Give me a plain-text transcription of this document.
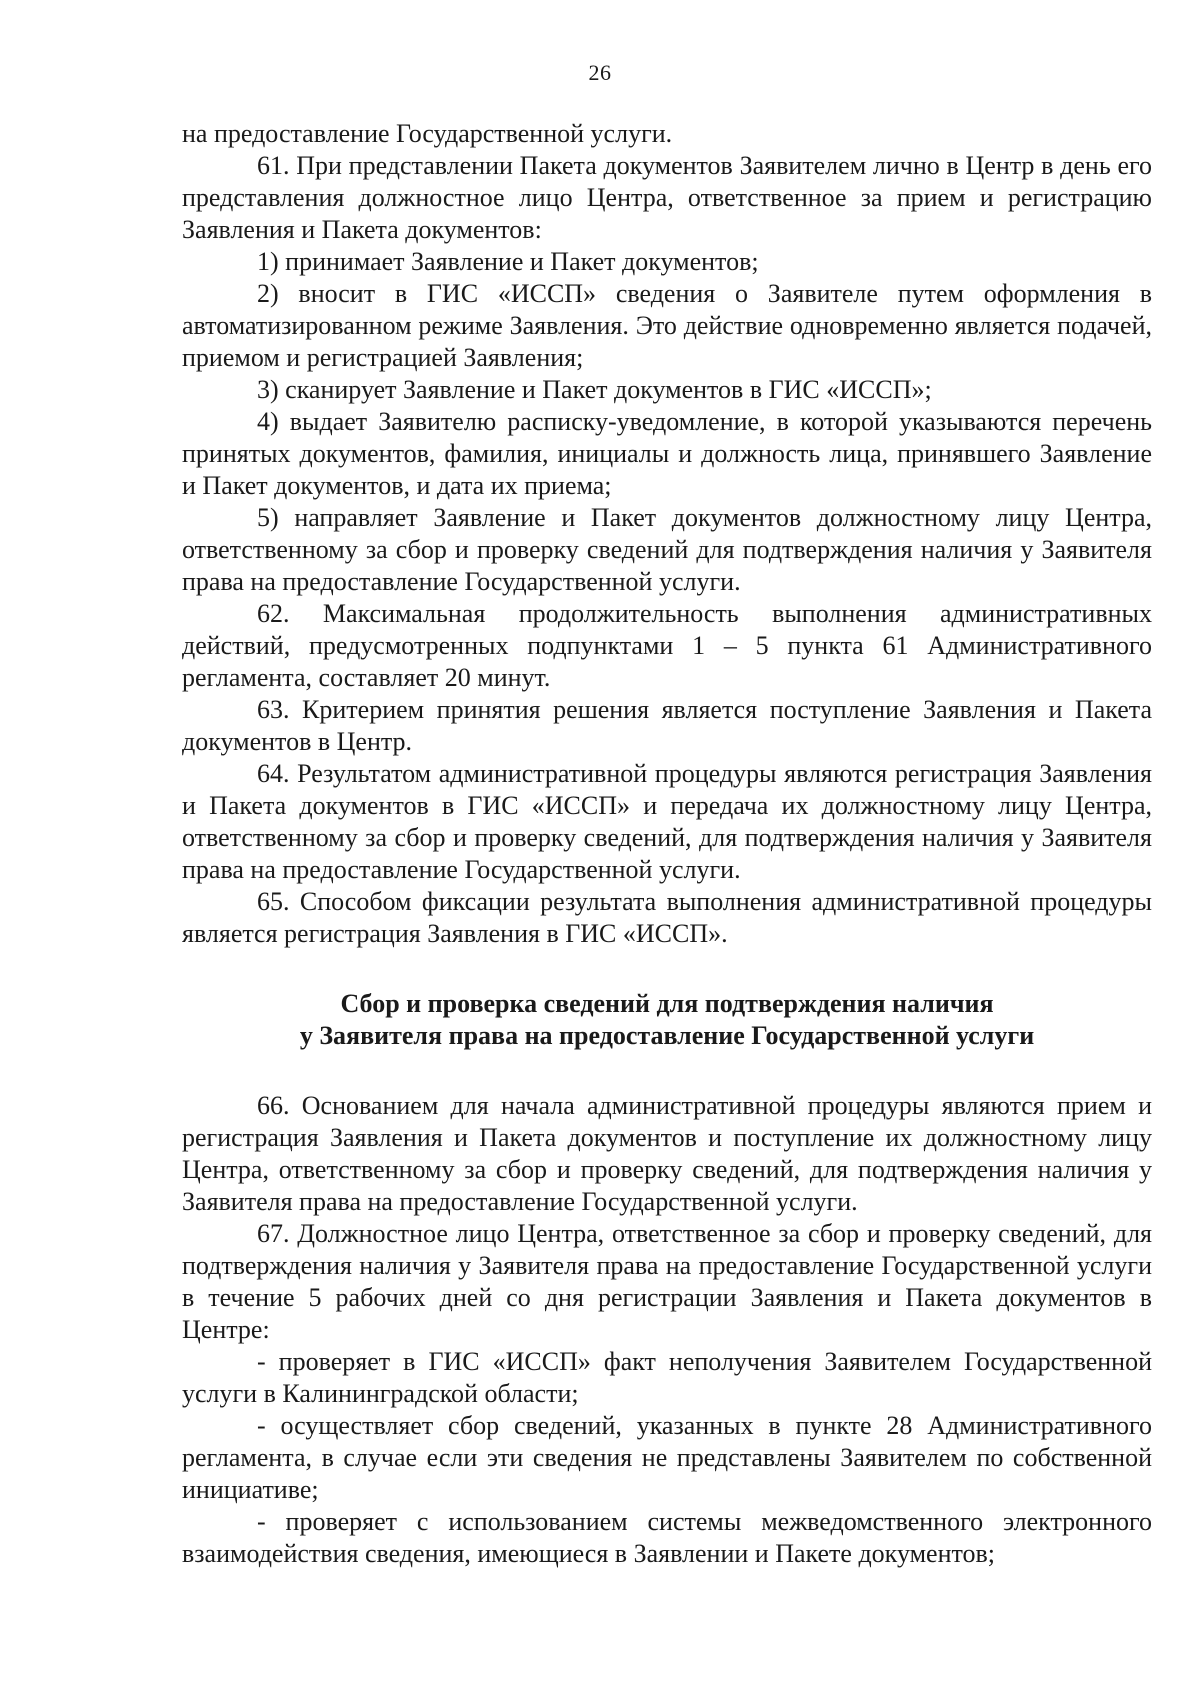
26

на предоставление Государственной услуги.

61. При представлении Пакета документов Заявителем лично в Центр в день его представления должностное лицо Центра, ответственное за прием и регистрацию Заявления и Пакета документов:

1) принимает Заявление и Пакет документов;

2) вносит в ГИС «ИССП» сведения о Заявителе путем оформления в автоматизированном режиме Заявления. Это действие одновременно является подачей, приемом и регистрацией Заявления;

3) сканирует Заявление и Пакет документов в ГИС «ИССП»;

4) выдает Заявителю расписку-уведомление, в которой указываются перечень принятых документов, фамилия, инициалы и должность лица, принявшего Заявление и Пакет документов, и дата их приема;

5) направляет Заявление и Пакет документов должностному лицу Центра, ответственному за сбор и проверку сведений для подтверждения наличия у Заявителя права на предоставление Государственной услуги.

62. Максимальная продолжительность выполнения административных действий, предусмотренных подпунктами 1 – 5 пункта 61 Административного регламента, составляет 20 минут.

63. Критерием принятия решения является поступление Заявления и Пакета документов в Центр.

64. Результатом административной процедуры являются регистрация Заявления и Пакета документов в ГИС «ИССП» и передача их должностному лицу Центра, ответственному за сбор и проверку сведений, для подтверждения наличия у Заявителя права на предоставление Государственной услуги.

65. Способом фиксации результата выполнения административной процедуры является регистрация Заявления в ГИС «ИССП».

Сбор и проверка сведений для подтверждения наличия
у Заявителя права на предоставление Государственной услуги

66. Основанием для начала административной процедуры являются прием и регистрация Заявления и Пакета документов и поступление их должностному лицу Центра, ответственному за сбор и проверку сведений, для подтверждения наличия у Заявителя права на предоставление Государственной услуги.

67. Должностное лицо Центра, ответственное за сбор и проверку сведений, для подтверждения наличия у Заявителя права на предоставление Государственной услуги в течение 5 рабочих дней со дня регистрации Заявления и Пакета документов в Центре:

- проверяет в ГИС «ИССП» факт неполучения Заявителем Государственной услуги в Калининградской области;

- осуществляет сбор сведений, указанных в пункте 28 Административного регламента, в случае если эти сведения не представлены Заявителем по собственной инициативе;

- проверяет с использованием системы межведомственного электронного взаимодействия сведения, имеющиеся в Заявлении и Пакете документов;
